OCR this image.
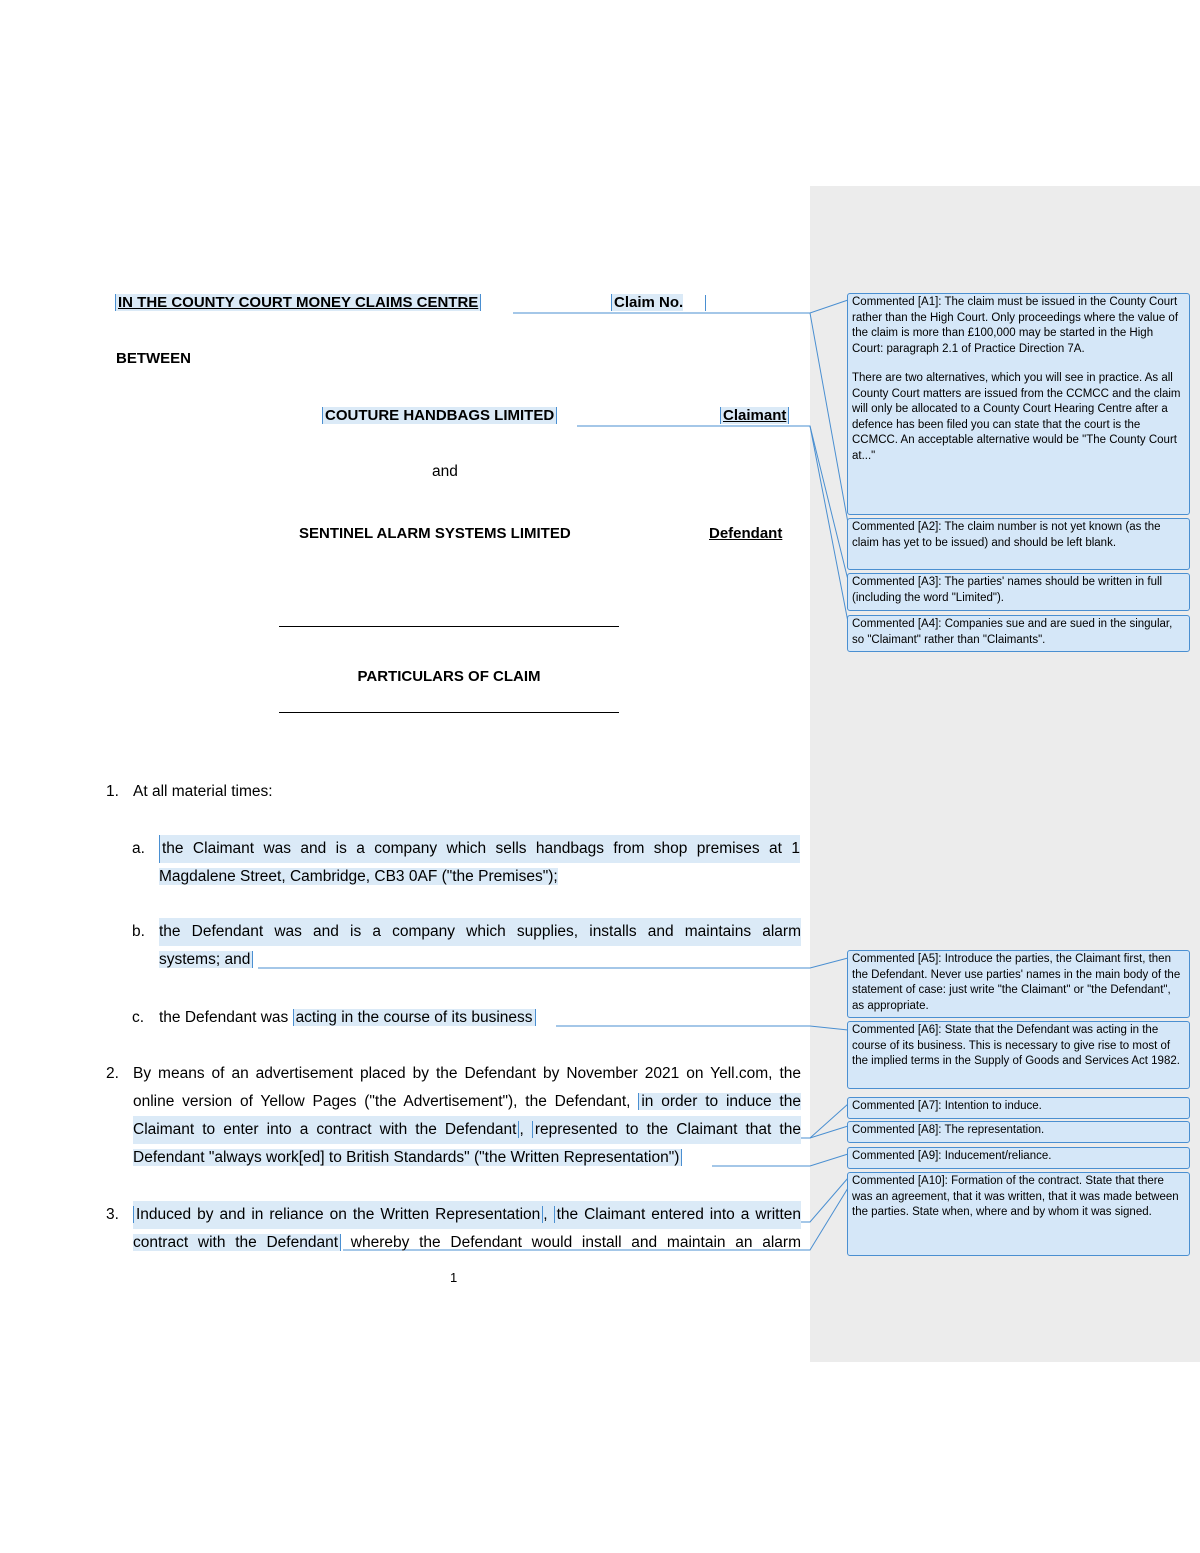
IN THE COUNTY COURT MONEY CLAIMS CENTRE	Claim No.
BETWEEN
COUTURE HANDBAGS LIMITED	Claimant
and
SENTINEL ALARM SYSTEMS LIMITED	Defendant
PARTICULARS OF CLAIM
1. At all material times:
a. the Claimant was and is a company which sells handbags from shop premises at 1
Magdalene Street, Cambridge, CB3 0AF ("the Premises");
b. the Defendant was and is a company which supplies, installs and maintains alarm
systems; and
c. the Defendant was acting in the course of its business
2. By means of an advertisement placed by the Defendant by November 2021 on Yell.com, the
online version of Yellow Pages ("the Advertisement"), the Defendant, in order to induce the
Claimant to enter into a contract with the Defendant , represented to the Claimant that the
Defendant "always work[ed] to British Standards" ("the Written Representation")
3. Induced by and in reliance on the Written Representation , the Claimant entered into a written
contract with the Defendant whereby the Defendant would install and maintain an alarm
1

Commented [A1]: The claim must be issued in the County Court rather than the High Court. Only proceedings where the value of the claim is more than £100,000 may be started in the High Court: paragraph 2.1 of Practice Direction 7A.

There are two alternatives, which you will see in practice. As all County Court matters are issued from the CCMCC and the claim will only be allocated to a County Court Hearing Centre after a defence has been filed you can state that the court is the CCMCC. An acceptable alternative would be "The County Court at..."

Commented [A2]: The claim number is not yet known (as the claim has yet to be issued) and should be left blank.
Commented [A3]: The parties' names should be written in full (including the word "Limited").
Commented [A4]: Companies sue and are sued in the singular, so "Claimant" rather than "Claimants".
Commented [A5]: Introduce the parties, the Claimant first, then the Defendant. Never use parties' names in the main body of the statement of case: just write "the Claimant" or "the Defendant", as appropriate.
Commented [A6]: State that the Defendant was acting in the course of its business. This is necessary to give rise to most of the implied terms in the Supply of Goods and Services Act 1982.
Commented [A7]: Intention to induce.
Commented [A8]: The representation.
Commented [A9]: Inducement/reliance.
Commented [A10]: Formation of the contract. State that there was an agreement, that it was written, that it was made between the parties. State when, where and by whom it was signed.
